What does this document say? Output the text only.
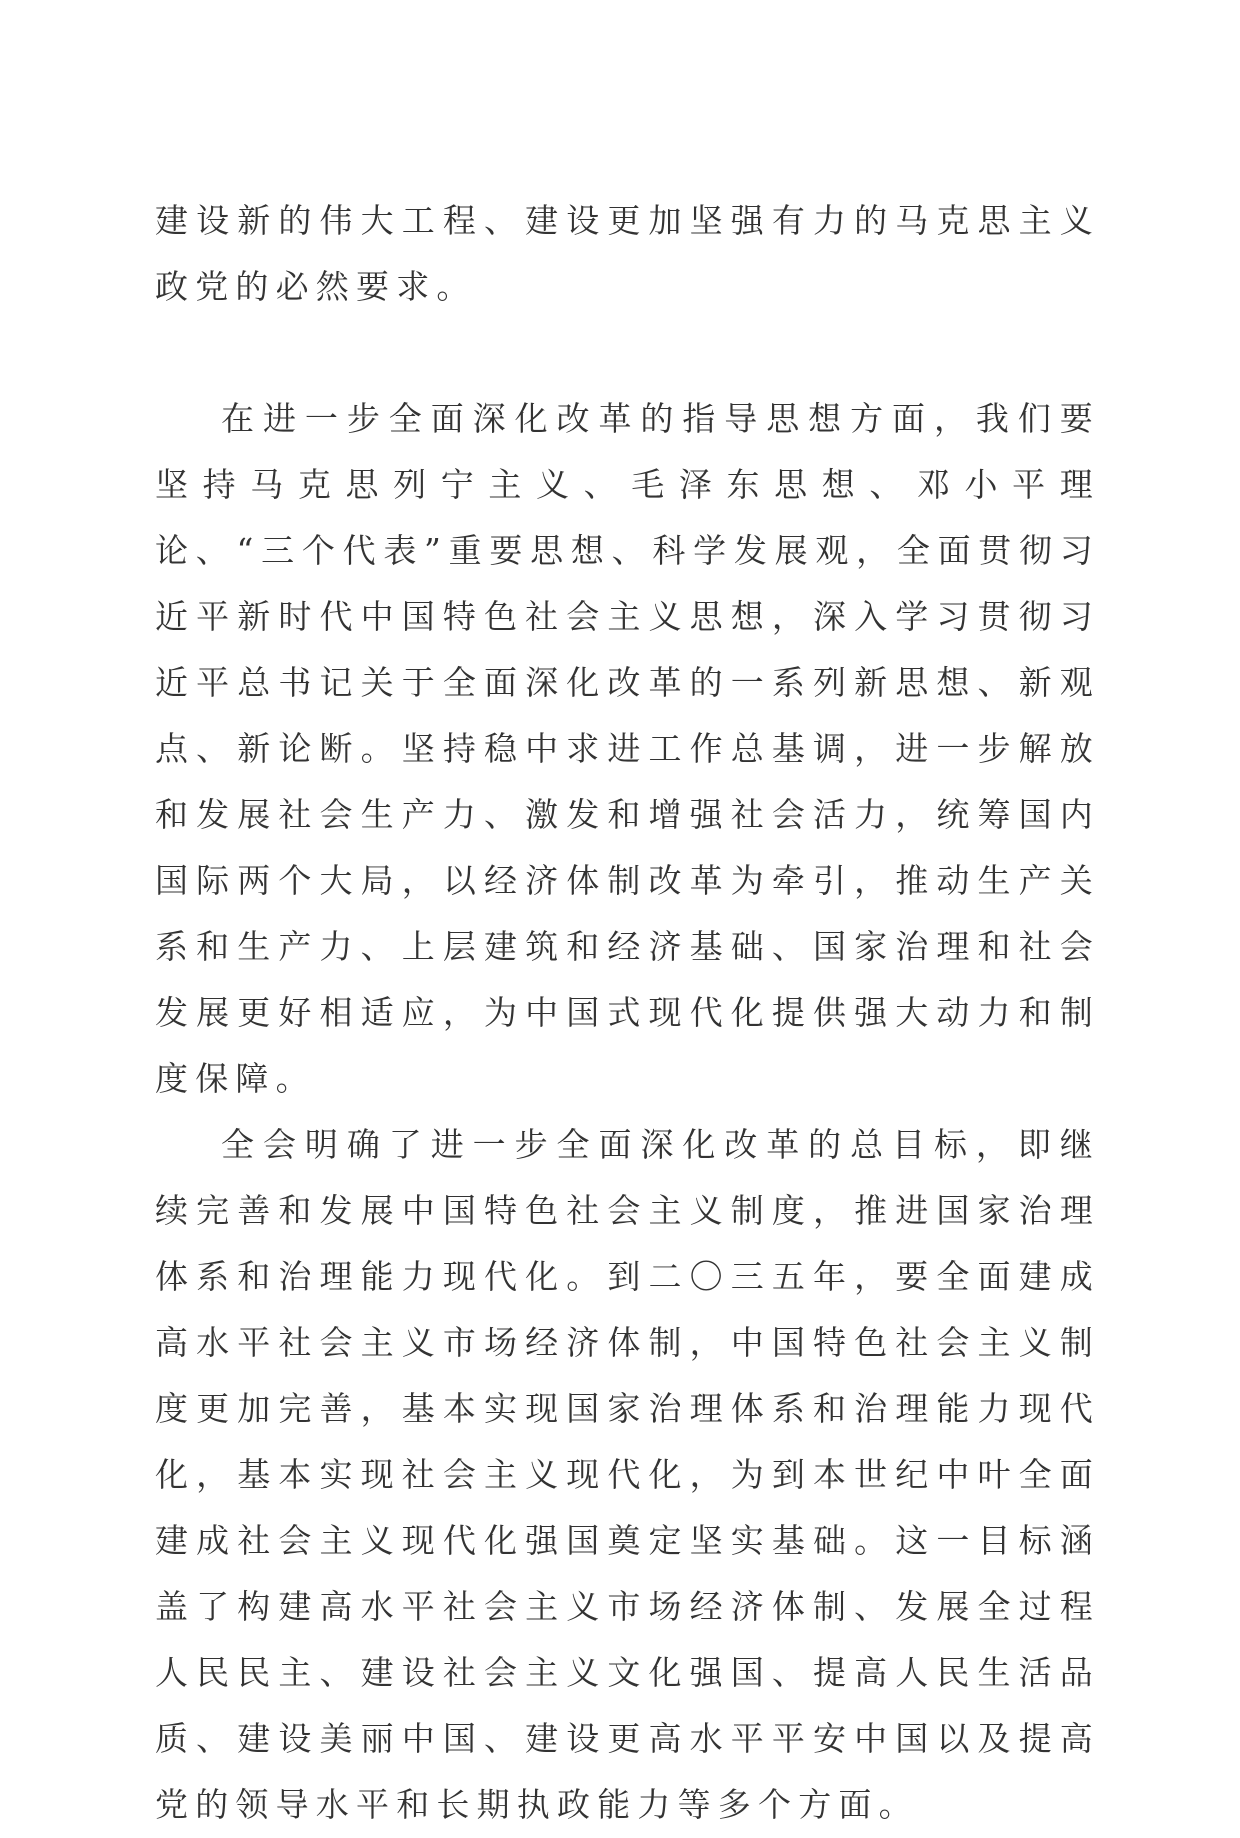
建设新的伟大工程、建设更加坚强有力的马克思主义政党的必然要求。

在进一步全面深化改革的指导思想方面，我们要坚持马克思列宁主义、毛泽东思想、邓小平理论、“三个代表”重要思想、科学发展观，全面贯彻习近平新时代中国特色社会主义思想，深入学习贯彻习近平总书记关于全面深化改革的一系列新思想、新观点、新论断。坚持稳中求进工作总基调，进一步解放和发展社会生产力、激发和增强社会活力，统筹国内国际两个大局，以经济体制改革为牵引，推动生产关系和生产力、上层建筑和经济基础、国家治理和社会发展更好相适应，为中国式现代化提供强大动力和制度保障。

全会明确了进一步全面深化改革的总目标，即继续完善和发展中国特色社会主义制度，推进国家治理体系和治理能力现代化。到二〇三五年，要全面建成高水平社会主义市场经济体制，中国特色社会主义制度更加完善，基本实现国家治理体系和治理能力现代化，基本实现社会主义现代化，为到本世纪中叶全面建成社会主义现代化强国奠定坚实基础。这一目标涵盖了构建高水平社会主义市场经济体制、发展全过程人民民主、建设社会主义文化强国、提高人民生活品质、建设美丽中国、建设更高水平平安中国以及提高党的领导水平和长期执政能力等多个方面。
